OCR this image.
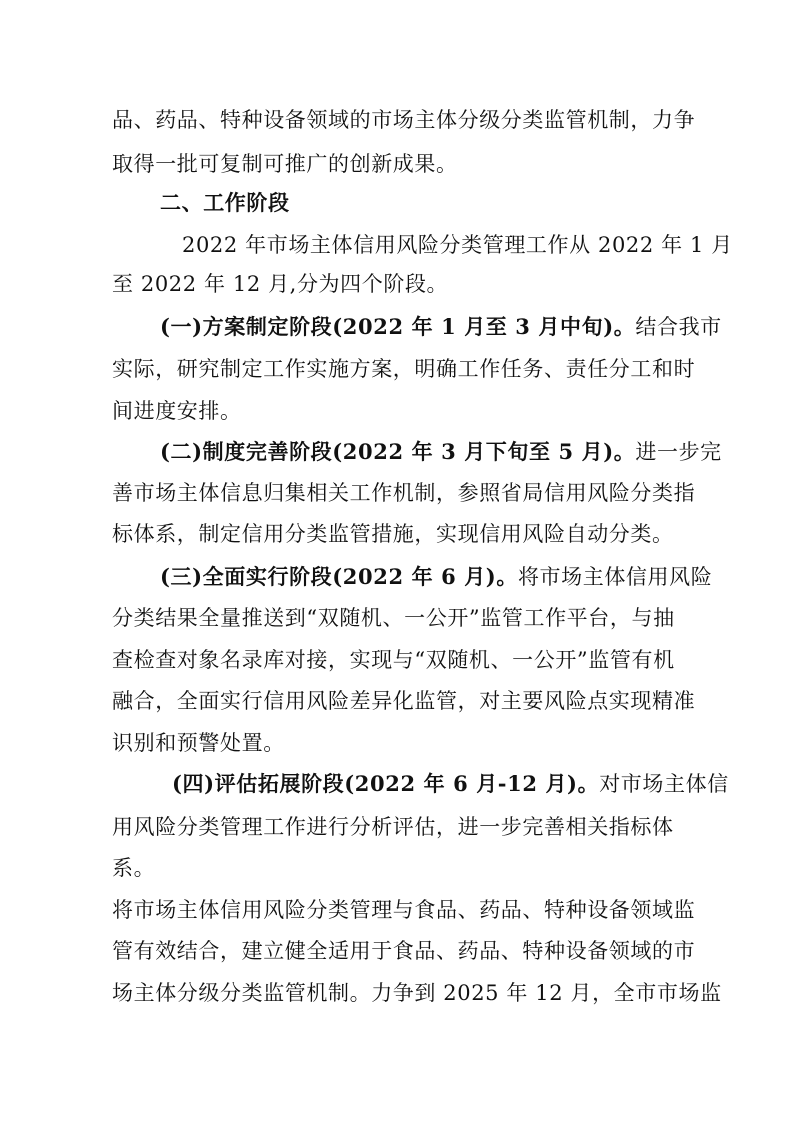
品、药品、特种设备领域的市场主体分级分类监管机制，力争
取得一批可复制可推广的创新成果。
二、工作阶段
2022 年市场主体信用风险分类管理工作从 2022 年 1 月
至 2022 年 12 月,分为四个阶段。
(一)方案制定阶段(2022 年 1 月至 3 月中旬)。结合我市
实际，研究制定工作实施方案，明确工作任务、责任分工和时
间进度安排。
(二)制度完善阶段(2022 年 3 月下旬至 5 月)。进一步完
善市场主体信息归集相关工作机制，参照省局信用风险分类指
标体系，制定信用分类监管措施，实现信用风险自动分类。
(三)全面实行阶段(2022 年 6 月)。将市场主体信用风险
分类结果全量推送到“双随机、一公开”监管工作平台，与抽
查检查对象名录库对接，实现与“双随机、一公开”监管有机
融合，全面实行信用风险差异化监管，对主要风险点实现精准
识别和预警处置。
(四)评估拓展阶段(2022 年 6 月-12 月)。对市场主体信
用风险分类管理工作进行分析评估，进一步完善相关指标体
系。
将市场主体信用风险分类管理与食品、药品、特种设备领域监
管有效结合，建立健全适用于食品、药品、特种设备领域的市
场主体分级分类监管机制。力争到 2025 年 12 月，全市市场监
